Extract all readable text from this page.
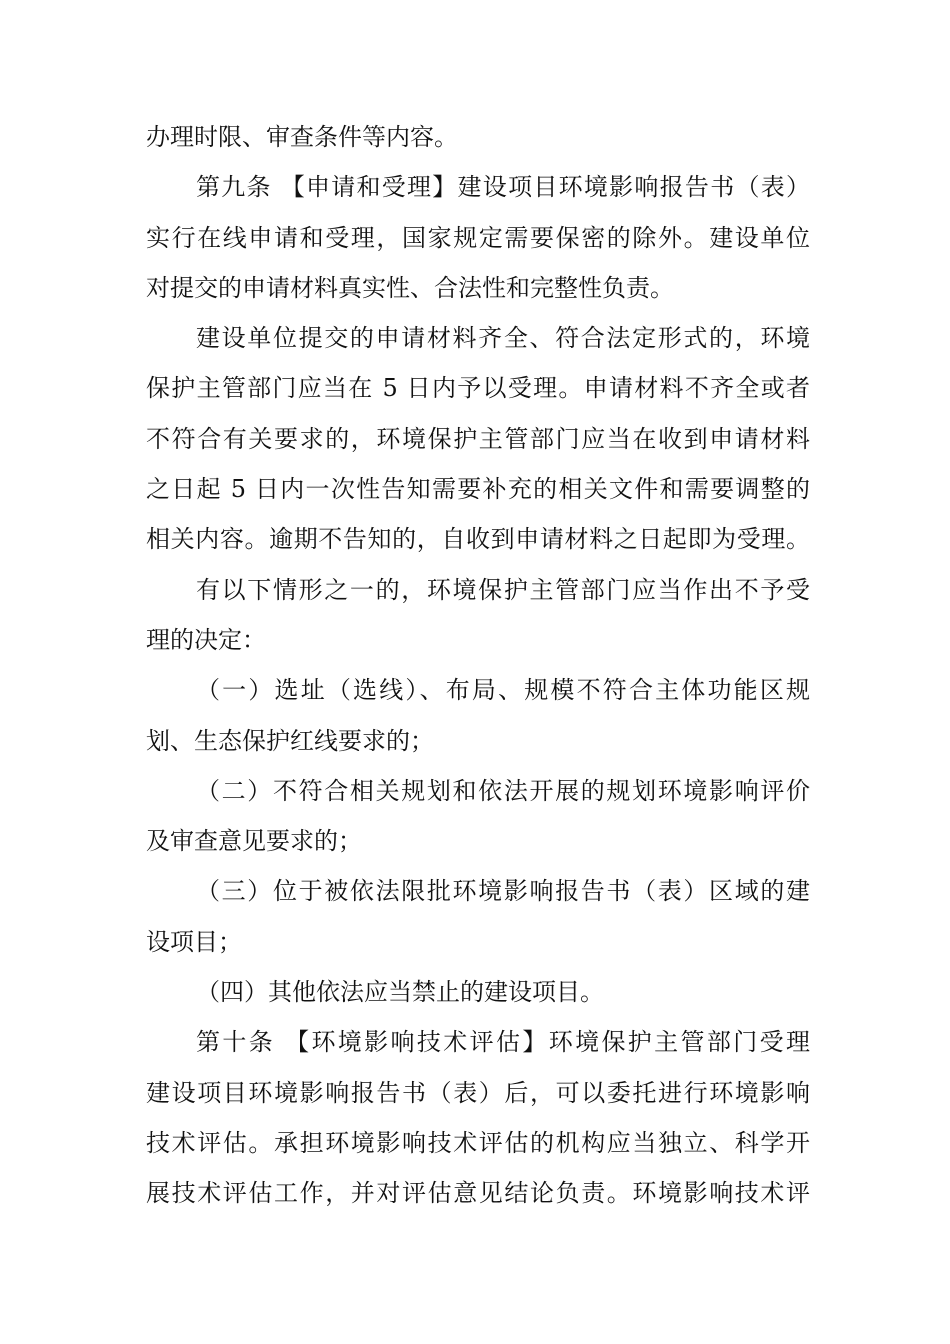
办理时限、审查条件等内容。
第九条 【申请和受理】建设项目环境影响报告书（表）
实行在线申请和受理，国家规定需要保密的除外。建设单位
对提交的申请材料真实性、合法性和完整性负责。
建设单位提交的申请材料齐全、符合法定形式的，环境
保护主管部门应当在 5 日内予以受理。申请材料不齐全或者
不符合有关要求的，环境保护主管部门应当在收到申请材料
之日起 5 日内一次性告知需要补充的相关文件和需要调整的
相关内容。逾期不告知的，自收到申请材料之日起即为受理。
有以下情形之一的，环境保护主管部门应当作出不予受
理的决定：
（一）选址（选线）、布局、规模不符合主体功能区规
划、生态保护红线要求的；
（二）不符合相关规划和依法开展的规划环境影响评价
及审查意见要求的；
（三）位于被依法限批环境影响报告书（表）区域的建
设项目；
（四）其他依法应当禁止的建设项目。
第十条 【环境影响技术评估】环境保护主管部门受理
建设项目环境影响报告书（表）后，可以委托进行环境影响
技术评估。承担环境影响技术评估的机构应当独立、科学开
展技术评估工作，并对评估意见结论负责。环境影响技术评
